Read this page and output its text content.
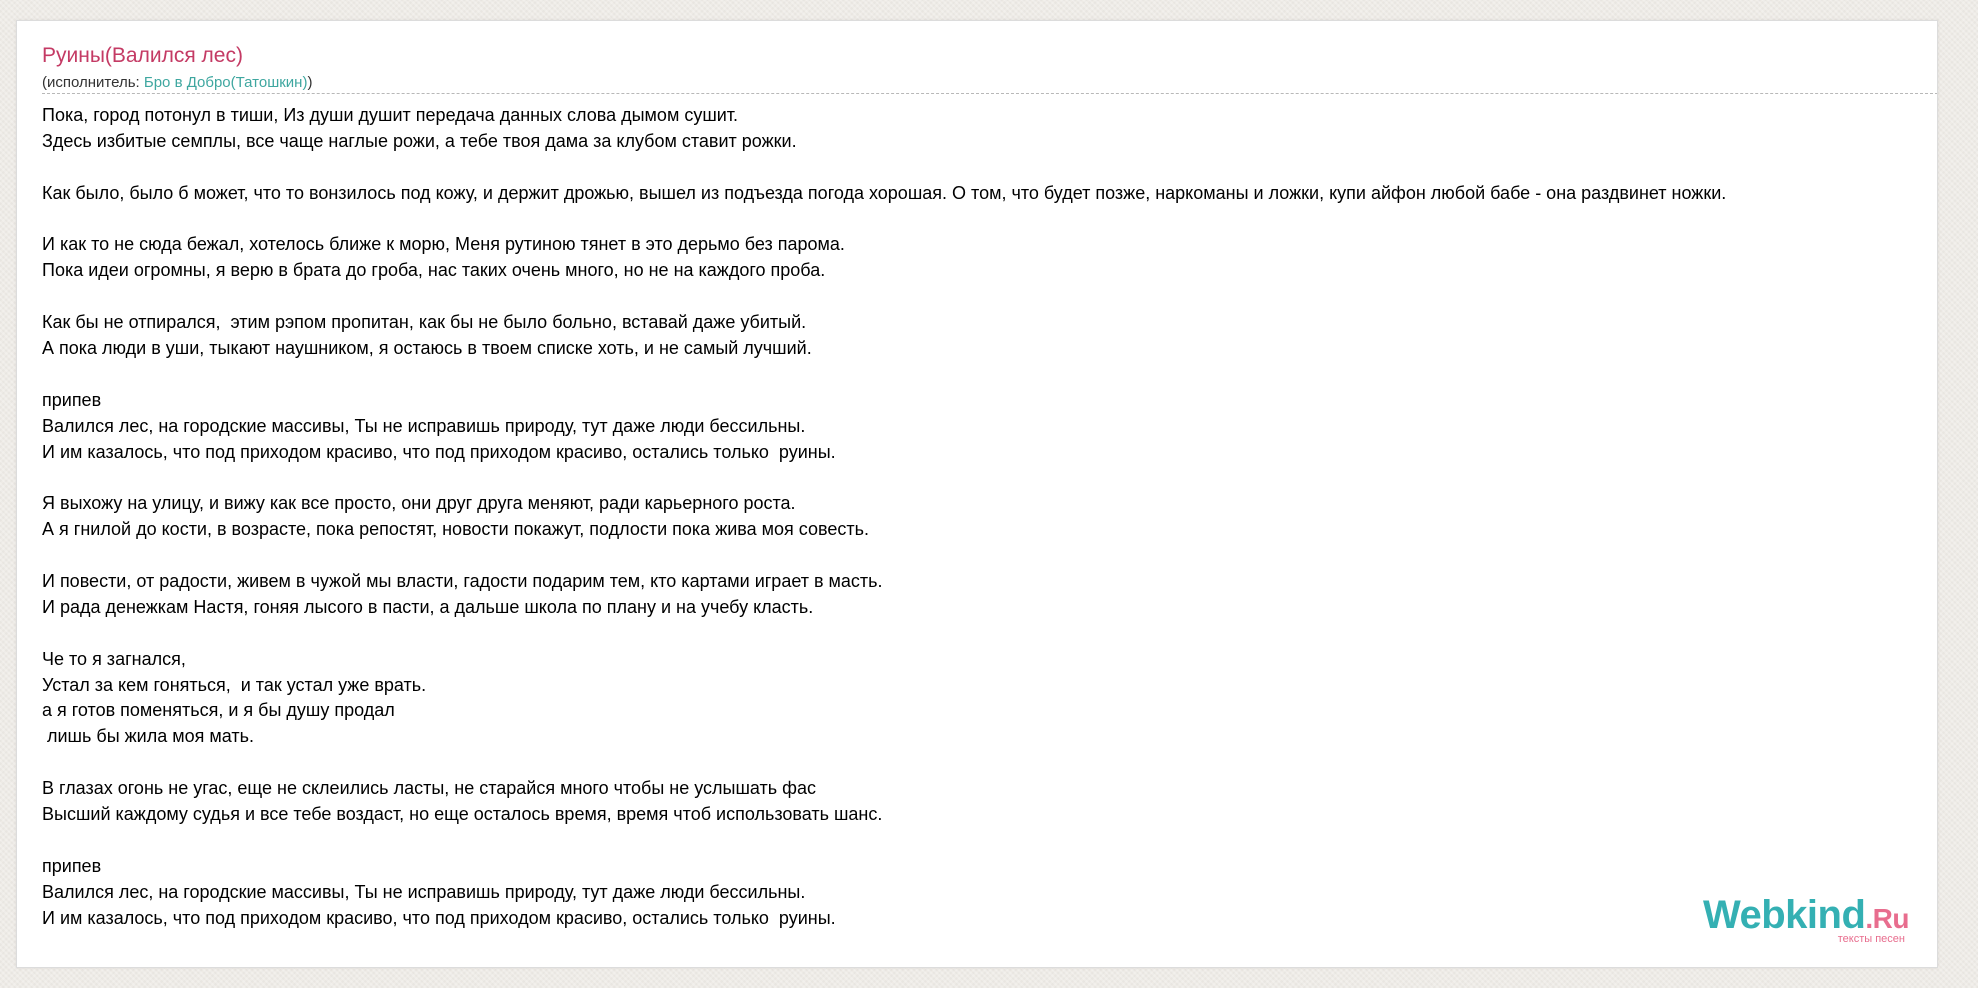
Руины(Валился лес)
(исполнитель: Бро в Добро(Татошкин))
Пока, город потонул в тиши, Из души душит передача данных слова дымом сушит.
Здесь избитые семплы, все чаще наглые рожи, а тебе твоя дама за клубом ставит рожки.
Как было, было б может, что то вонзилось под кожу, и держит дрожью, вышел из подъезда погода хорошая. О том, что будет позже, наркоманы и ложки, купи айфон любой бабе - она раздвинет ножки.
И как то не сюда бежал, хотелось ближе к морю, Меня рутиною тянет в это дерьмо без парома.
Пока идеи огромны, я верю в брата до гроба, нас таких очень много, но не на каждого проба.
Как бы не отпирался,  этим рэпом пропитан, как бы не было больно, вставай даже убитый.
А пока люди в уши, тыкают наушником, я остаюсь в твоем списке хоть, и не самый лучший.
припев
Валился лес, на городские массивы, Ты не исправишь природу, тут даже люди бессильны.
И им казалось, что под приходом красиво, что под приходом красиво, остались только  руины.
Я выхожу на улицу, и вижу как все просто, они друг друга меняют, ради карьерного роста.
А я гнилой до кости, в возрасте, пока репостят, новости покажут, подлости пока жива моя совесть.
И повести, от радости, живем в чужой мы власти, гадости подарим тем, кто картами играет в масть.
И рада денежкам Настя, гоняя лысого в пасти, а дальше школа по плану и на учебу класть.
Че то я загнался,
Устал за кем гоняться,  и так устал уже врать.
а я готов поменяться, и я бы душу продал
лишь бы жила моя мать.
В глазах огонь не угас, еще не склеились ласты, не старайся много чтобы не услышать фас
Высший каждому судья и все тебе воздаст, но еще осталось время, время чтоб использовать шанс.
припев
Валился лес, на городские массивы, Ты не исправишь природу, тут даже люди бессильны.
И им казалось, что под приходом красиво, что под приходом красиво, остались только  руины.	Webkind.Ru
тексты песен
